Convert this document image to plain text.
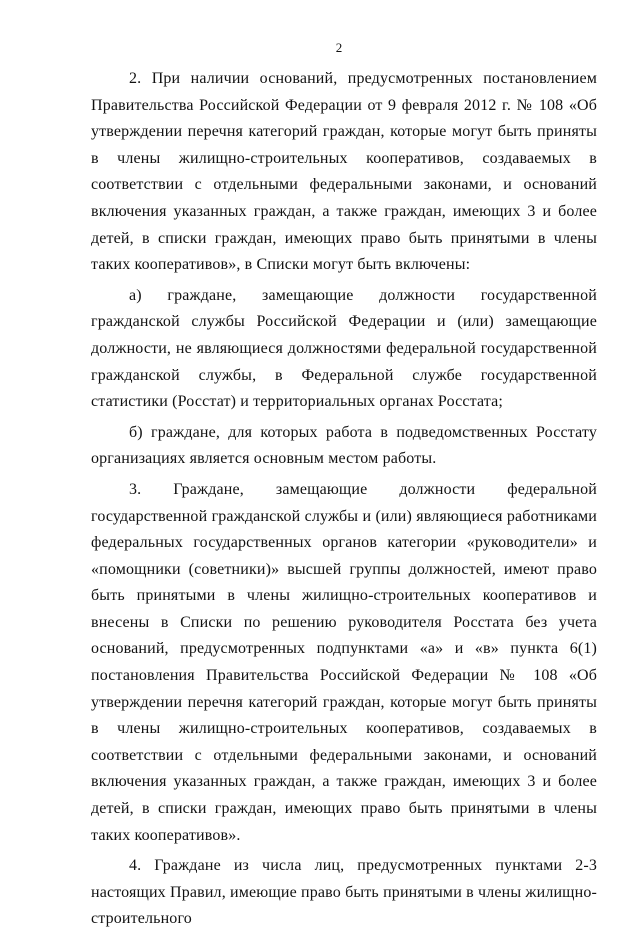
2

2. При наличии оснований, предусмотренных постановлением Правительства Российской Федерации от 9 февраля 2012 г. № 108 «Об утверждении перечня категорий граждан, которые могут быть приняты в члены жилищно-строительных кооперативов, создаваемых в соответствии с отдельными федеральными законами, и оснований включения указанных граждан, а также граждан, имеющих 3 и более детей, в списки граждан, имеющих право быть принятыми в члены таких кооперативов», в Списки могут быть включены:

а) граждане, замещающие должности государственной гражданской службы Российской Федерации и (или) замещающие должности, не являющиеся должностями федеральной государственной гражданской службы, в Федеральной службе государственной статистики (Росстат) и территориальных органах Росстата;

б) граждане, для которых работа в подведомственных Росстату организациях является основным местом работы.

3. Граждане, замещающие должности федеральной государственной гражданской службы и (или) являющиеся работниками федеральных государственных органов категории «руководители» и «помощники (советники)» высшей группы должностей, имеют право быть принятыми в члены жилищно-строительных кооперативов и внесены в Списки по решению руководителя Росстата без учета оснований, предусмотренных подпунктами «а» и «в» пункта 6(1) постановления Правительства Российской Федерации № 108 «Об утверждении перечня категорий граждан, которые могут быть приняты в члены жилищно-строительных кооперативов, создаваемых в соответствии с отдельными федеральными законами, и оснований включения указанных граждан, а также граждан, имеющих 3 и более детей, в списки граждан, имеющих право быть принятыми в члены таких кооперативов».

4. Граждане из числа лиц, предусмотренных пунктами 2-3 настоящих Правил, имеющие право быть принятыми в члены жилищно-строительного
